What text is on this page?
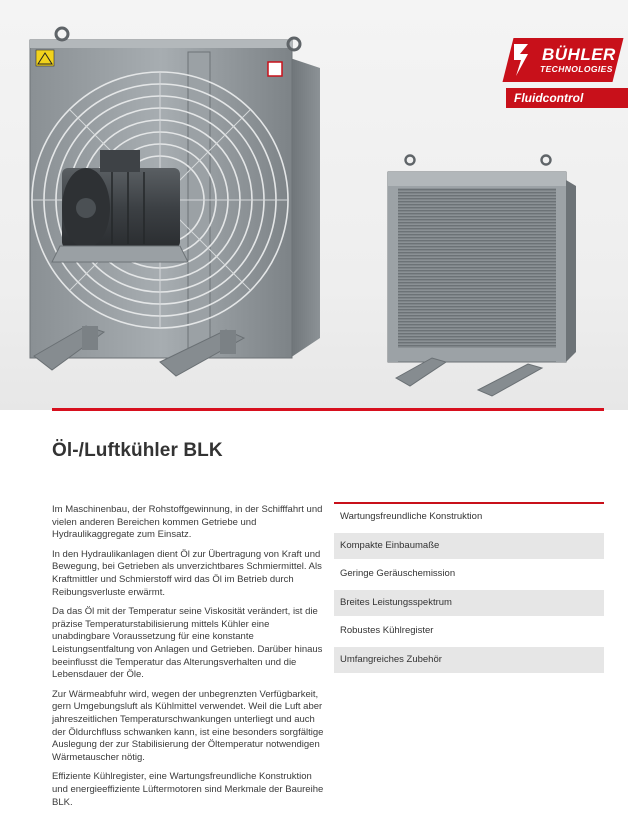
BÜHLER
TECHNOLOGIES
Fluidcontrol
Öl-/Luftkühler BLK

Im Maschinenbau, der Rohstoffgewinnung, in der Schifffahrt und vielen anderen Bereichen kommen Getriebe und Hydraulikaggregate zum Einsatz.

In den Hydraulikanlagen dient Öl zur Übertragung von Kraft und Bewegung, bei Getrieben als unverzichtbares Schmiermittel. Als Kraftmittler und Schmierstoff wird das Öl im Betrieb durch Reibungsverluste erwärmt.

Da das Öl mit der Temperatur seine Viskosität verändert, ist die präzise Temperaturstabilisierung mittels Kühler eine unabdingbare Voraussetzung für eine konstante Leistungsentfaltung von Anlagen und Getrieben. Darüber hinaus beeinflusst die Temperatur das Alterungsverhalten und die Lebensdauer der Öle.

Zur Wärmeabfuhr wird, wegen der unbegrenzten Verfügbarkeit, gern Umgebungsluft als Kühlmittel verwendet. Weil die Luft aber jahreszeitlichen Temperaturschwankungen unterliegt und auch der Öldurchfluss schwanken kann, ist eine besonders sorgfältige Auslegung der zur Stabilisierung der Öltemperatur notwendigen Wärmetauscher nötig.

Effiziente Kühlregister, eine Wartungsfreundliche Konstruktion und energieeffiziente Lüftermotoren sind Merkmale der Baureihe BLK.

Wartungsfreundliche Konstruktion
Kompakte Einbaumaße
Geringe Geräuschemission
Breites Leistungsspektrum
Robustes Kühlregister
Umfangreiches Zubehör
